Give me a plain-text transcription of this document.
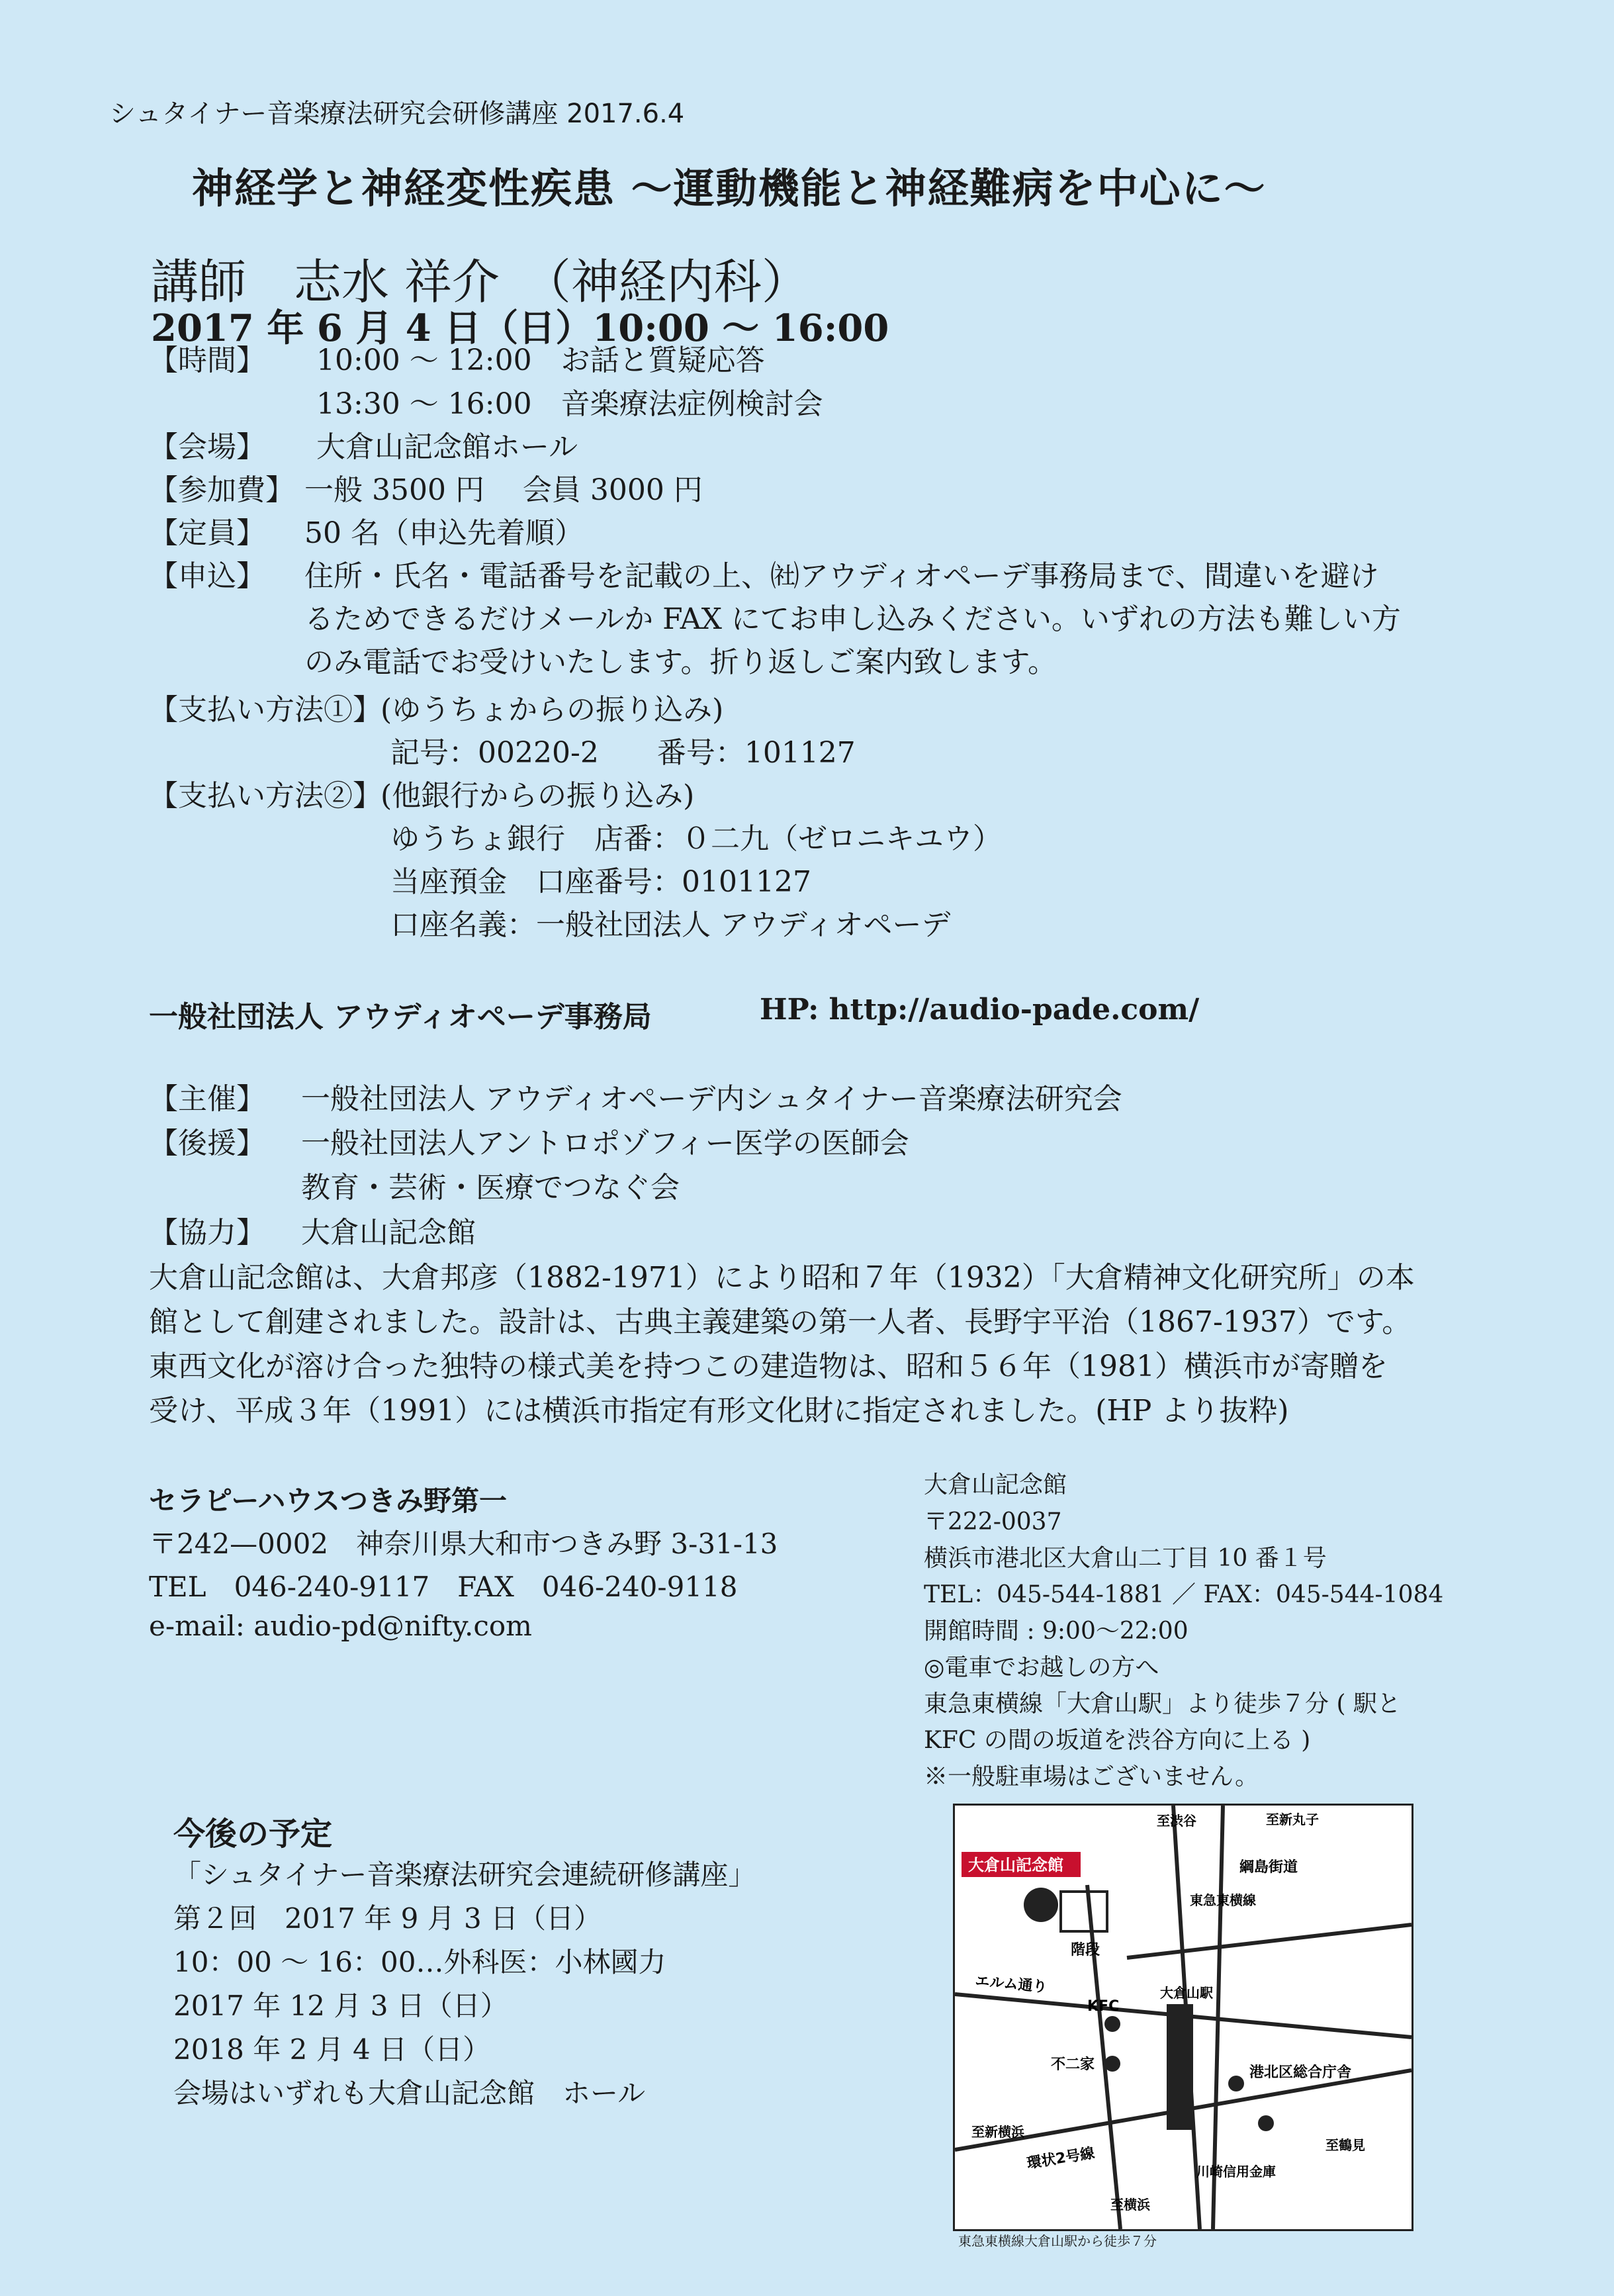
シュタイナー音楽療法研究会研修講座 2017.6.4
神経学と神経変性疾患 〜運動機能と神経難病を中心に〜
講師　志水 祥介　（神経内科）
2017 年 6 月 4 日（日）10:00 〜 16:00
【時間】 10:00 〜 12:00　お話と質疑応答
13:30 〜 16:00　音楽療法症例検討会
【会場】 大倉山記念館ホール
【参加費】 一般 3500 円　 会員 3000 円
【定員】 50 名（申込先着順）
【申込】 住所・氏名・電話番号を記載の上、㈳アウディオペーデ事務局まで、間違いを避け
るためできるだけメールか FAX にてお申し込みください。いずれの方法も難しい方
のみ電話でお受けいたします。折り返しご案内致します。
【支払い方法①】
(ゆうちょからの振り込み)
記号：00220-2　　番号：101127
【支払い方法②】
(他銀行からの振り込み)
ゆうちょ銀行　店番：０二九（ゼロニキユウ）
当座預金　口座番号：0101127
口座名義：一般社団法人 アウディオペーデ
一般社団法人 アウディオペーデ事務局	HP: http://audio-pade.com/
【主催】 一般社団法人 アウディオペーデ内シュタイナー音楽療法研究会
【後援】 一般社団法人アントロポゾフィー医学の医師会
教育・芸術・医療でつなぐ会
【協力】 大倉山記念館
大倉山記念館は、大倉邦彦（1882-1971）により昭和７年（1932）「大倉精神文化研究所」の本
館として創建されました。設計は、古典主義建築の第一人者、長野宇平治（1867-1937）です。
東西文化が溶け合った独特の様式美を持つこの建造物は、昭和５６年（1981）横浜市が寄贈を
受け、平成３年（1991）には横浜市指定有形文化財に指定されました。(HP より抜粋)
セラピーハウスつきみ野第一
〒242—0002　神奈川県大和市つきみ野 3-31-13
TEL　046-240-9117　FAX　046-240-9118
e-mail: audio-pd@nifty.com
大倉山記念館
〒222-0037
横浜市港北区大倉山二丁目 10 番１号
TEL：045-544-1881 ／ FAX：045-544-1084
開館時間 : 9:00〜22:00
◎電車でお越しの方へ
東急東横線「大倉山駅」より徒歩７分 ( 駅と
KFC の間の坂道を渋谷方向に上る )
※一般駐車場はございません。
今後の予定
「シュタイナー音楽療法研究会連続研修講座」
第２回　2017 年 9 月 3 日（日）
10：00 〜 16：00…外科医：小林國力
2017 年 12 月 3 日（日）
2018 年 2 月 4 日（日）
会場はいずれも大倉山記念館　ホール
大倉山記念館
階段
KFC
不二家	港北区総合庁舎
エルム通り
環状2号線
至新横浜
至横浜
至渋谷	至新丸子
綱島街道
東急東横線
大倉山駅
川崎信用金庫
至鶴見
東急東横線大倉山駅から徒歩７分
